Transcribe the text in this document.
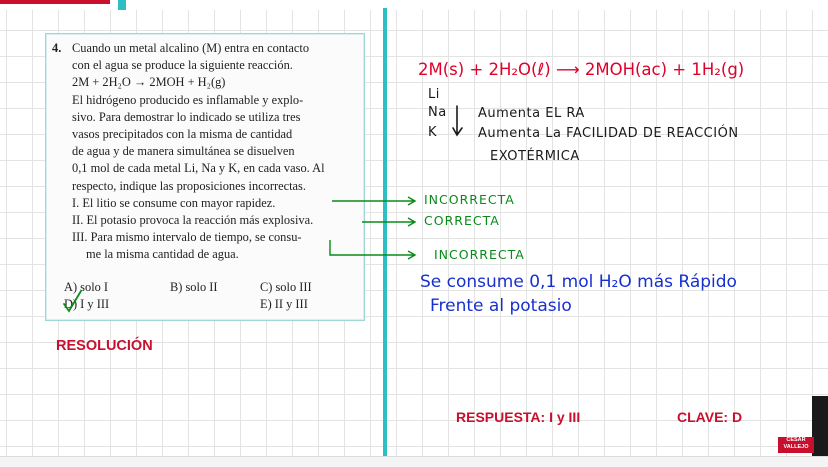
4. Cuando un metal alcalino (M) entra en contacto
con el agua se produce la siguiente reacción.
2M + 2H₂O → 2MOH + H₂(g)
El hidrógeno producido es inflamable y explo-
sivo. Para demostrar lo indicado se utiliza tres
vasos precipitados con la misma de cantidad
de agua y de manera simultánea se disuelven
0,1 mol de cada metal Li, Na y K, en cada vaso. Al
respecto, indique las proposiciones incorrectas.
I. El litio se consume con mayor rapidez.
II. El potasio provoca la reacción más explosiva.
III. Para mismo intervalo de tiempo, se consu-
me la misma cantidad de agua.
A) solo I	B) solo II	C) solo III
D) I y III	E) II y III
2M(s) + 2H₂O(ℓ) ⟶ 2MOH(ac) + 1H₂(g)
Li
Na
K
Aumenta EL RA
Aumenta La FACILIDAD DE REACCIÓN
EXOTÉRMICA
INCORRECTA
CORRECTA
INCORRECTA
Se consume 0,1 mol H₂O más Rápido
Frente al potasio
RESOLUCIÓN
RESPUESTA: I y III	CLAVE: D
CÉSAR
VALLEJO
